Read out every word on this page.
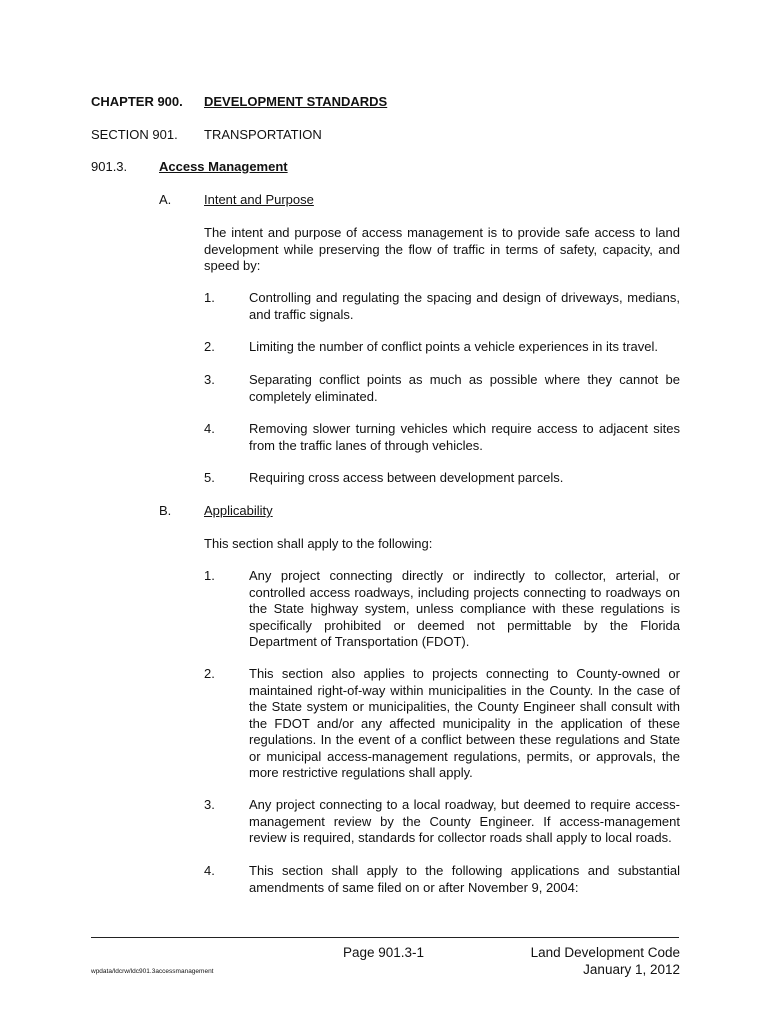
CHAPTER 900. DEVELOPMENT STANDARDS
SECTION 901. TRANSPORTATION
901.3. Access Management
A.	Intent and Purpose
The intent and purpose of access management is to provide safe access to land development while preserving the flow of traffic in terms of safety, capacity, and speed by:
1.	Controlling and regulating the spacing and design of driveways, medians, and traffic signals.
2.	Limiting the number of conflict points a vehicle experiences in its travel.
3.	Separating conflict points as much as possible where they cannot be completely eliminated.
4.	Removing slower turning vehicles which require access to adjacent sites from the traffic lanes of through vehicles.
5.	Requiring cross access between development parcels.
B.	Applicability
This section shall apply to the following:
1.	Any project connecting directly or indirectly to collector, arterial, or controlled access roadways, including projects connecting to roadways on the State highway system, unless compliance with these regulations is specifically prohibited or deemed not permittable by the Florida Department of Transportation (FDOT).
2.	This section also applies to projects connecting to County-owned or maintained right-of-way within municipalities in the County. In the case of the State system or municipalities, the County Engineer shall consult with the FDOT and/or any affected municipality in the application of these regulations. In the event of a conflict between these regulations and State or municipal access-management regulations, permits, or approvals, the more restrictive regulations shall apply.
3.	Any project connecting to a local roadway, but deemed to require access-management review by the County Engineer. If access-management review is required, standards for collector roads shall apply to local roads.
4.	This section shall apply to the following applications and substantial amendments of same filed on or after November 9, 2004:
Page 901.3-1	Land Development Code
January 1, 2012
wpdata/ldcrw/ldc901.3accessmanagement
